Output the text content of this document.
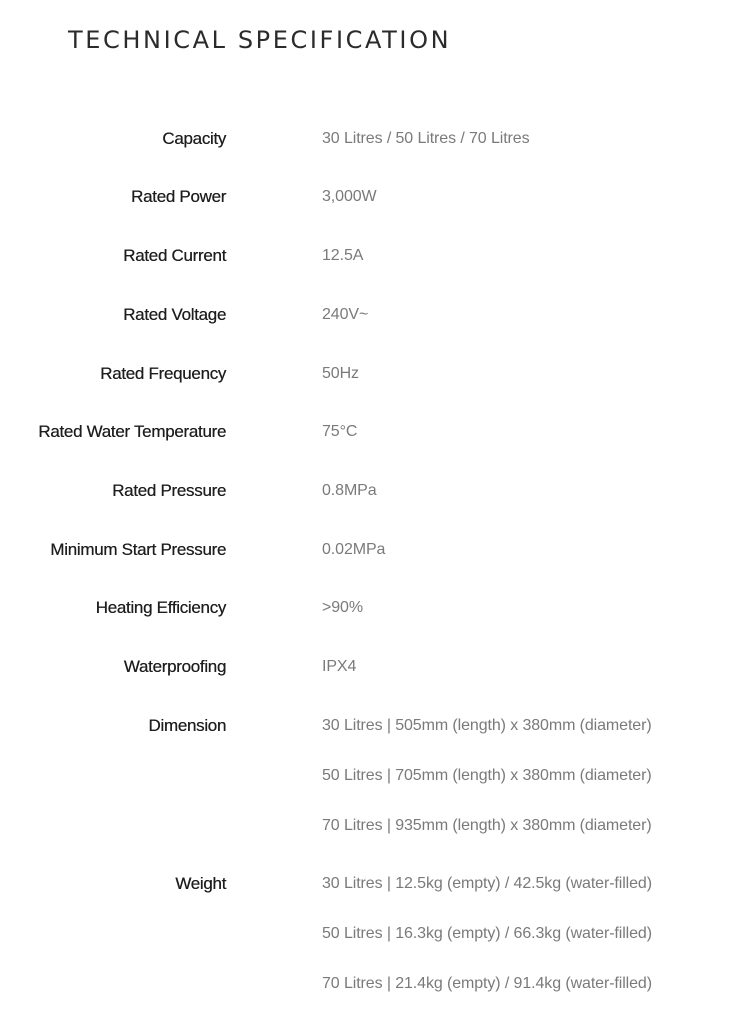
TECHNICAL SPECIFICATION
Capacity	30 Litres / 50 Litres / 70 Litres
Rated Power	3,000W
Rated Current	12.5A
Rated Voltage	240V~
Rated Frequency	50Hz
Rated Water Temperature	75°C
Rated Pressure	0.8MPa
Minimum Start Pressure	0.02MPa
Heating Efficiency	>90%
Waterproofing	IPX4
Dimension	30 Litres | 505mm (length) x 380mm (diameter)
50 Litres | 705mm (length) x 380mm (diameter)
70 Litres | 935mm (length) x 380mm (diameter)
Weight	30 Litres | 12.5kg (empty) / 42.5kg (water-filled)
50 Litres | 16.3kg (empty) / 66.3kg (water-filled)
70 Litres | 21.4kg (empty) / 91.4kg (water-filled)
